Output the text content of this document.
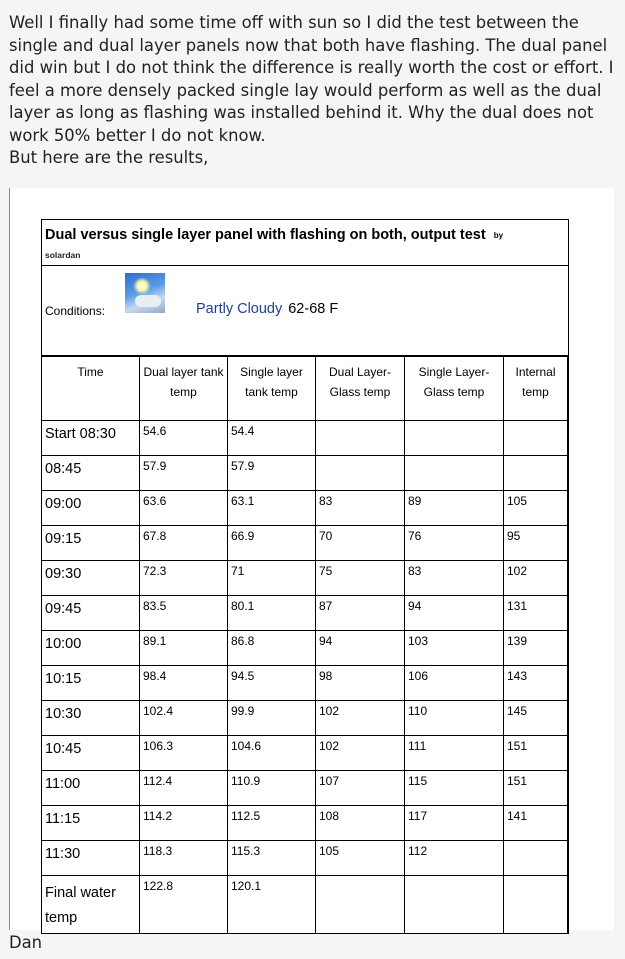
Well I finally had some time off with sun so I did the test between the single and dual layer panels now that both have flashing. The dual panel did win but I do not think the difference is really worth the cost or effort. I feel a more densely packed single lay would perform as well as the dual layer as long as flashing was installed behind it. Why the dual does not work 50% better I do not know.

But here are the results,

Dual versus single layer panel with flashing on both, output test by
solardan
Conditions:	Partly Cloudy 62-68 F
Time	Dual layer tank temp	Single layer tank temp	Dual Layer- Glass temp	Single Layer- Glass temp	Internal temp
Start 08:30	54.6	54.4			
08:45	57.9	57.9			
09:00	63.6	63.1	83	89	105
09:15	67.8	66.9	70	76	95
09:30	72.3	71	75	83	102
09:45	83.5	80.1	87	94	131
10:00	89.1	86.8	94	103	139
10:15	98.4	94.5	98	106	143
10:30	102.4	99.9	102	110	145
10:45	106.3	104.6	102	111	151
11:00	112.4	110.9	107	115	151
11:15	114.2	112.5	108	117	141
11:30	118.3	115.3	105	112	
Final water temp	122.8	120.1			
Dan
